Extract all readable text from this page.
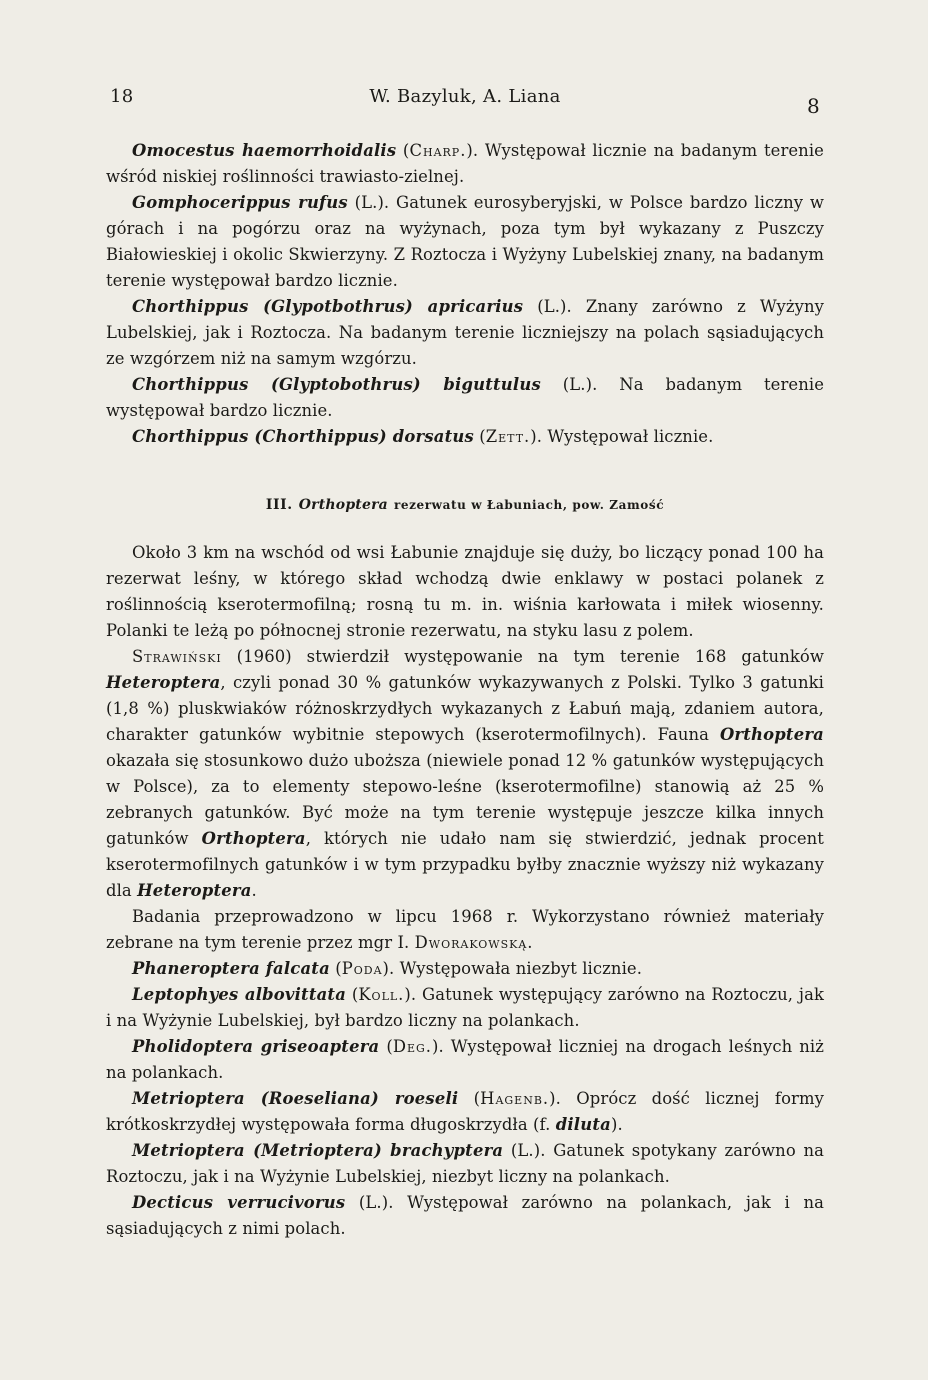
18	W. Bazyluk, A. Liana	8

Omocestus haemorrhoidalis (Charp.). Występował licznie na badanym terenie wśród niskiej roślinności trawiasto-zielnej.

Gomphocerippus rufus (L.). Gatunek eurosyberyjski, w Polsce bardzo liczny w górach i na pogórzu oraz na wyżynach, poza tym był wykazany z Puszczy Białowieskiej i okolic Skwierzyny. Z Roztocza i Wyżyny Lubelskiej znany, na badanym terenie występował bardzo licznie.

Chorthippus (Glypotbothrus) apricarius (L.). Znany zarówno z Wyżyny Lubelskiej, jak i Roztocza. Na badanym terenie liczniejszy na polach sąsiadujących ze wzgórzem niż na samym wzgórzu.

Chorthippus (Glyptobothrus) biguttulus (L.). Na badanym terenie występował bardzo licznie.

Chorthippus (Chorthippus) dorsatus (Zett.). Występował licznie.

III. Orthoptera rezerwatu w Łabuniach, pow. Zamość

Około 3 km na wschód od wsi Łabunie znajduje się duży, bo liczący ponad 100 ha rezerwat leśny, w którego skład wchodzą dwie enklawy w postaci polanek z roślinnością kserotermofilną; rosną tu m. in. wiśnia karłowata i miłek wiosenny. Polanki te leżą po północnej stronie rezerwatu, na styku lasu z polem.

Strawiński (1960) stwierdził występowanie na tym terenie 168 gatunków Heteroptera, czyli ponad 30 % gatunków wykazywanych z Polski. Tylko 3 gatunki (1,8 %) pluskwiaków różnoskrzydłych wykazanych z Łabuń mają, zdaniem autora, charakter gatunków wybitnie stepowych (kserotermofilnych). Fauna Orthoptera okazała się stosunkowo dużo uboższa (niewiele ponad 12 % gatunków występujących w Polsce), za to elementy stepowo-leśne (kserotermofilne) stanowią aż 25 % zebranych gatunków. Być może na tym terenie występuje jeszcze kilka innych gatunków Orthoptera, których nie udało nam się stwierdzić, jednak procent kserotermofilnych gatunków i w tym przypadku byłby znacznie wyższy niż wykazany dla Heteroptera.

Badania przeprowadzono w lipcu 1968 r. Wykorzystano również materiały zebrane na tym terenie przez mgr I. Dworakowską.

Phaneroptera falcata (Poda). Występowała niezbyt licznie.

Leptophyes albovittata (Koll.). Gatunek występujący zarówno na Roztoczu, jak i na Wyżynie Lubelskiej, był bardzo liczny na polankach.

Pholidoptera griseoaptera (Deg.). Występował liczniej na drogach leśnych niż na polankach.

Metrioptera (Roeseliana) roeseli (Hagenb.). Oprócz dość licznej formy krótkoskrzydłej występowała forma długoskrzydła (f. diluta).

Metrioptera (Metrioptera) brachyptera (L.). Gatunek spotykany zarówno na Roztoczu, jak i na Wyżynie Lubelskiej, niezbyt liczny na polankach.

Decticus verrucivorus (L.). Występował zarówno na polankach, jak i na sąsiadujących z nimi polach.
